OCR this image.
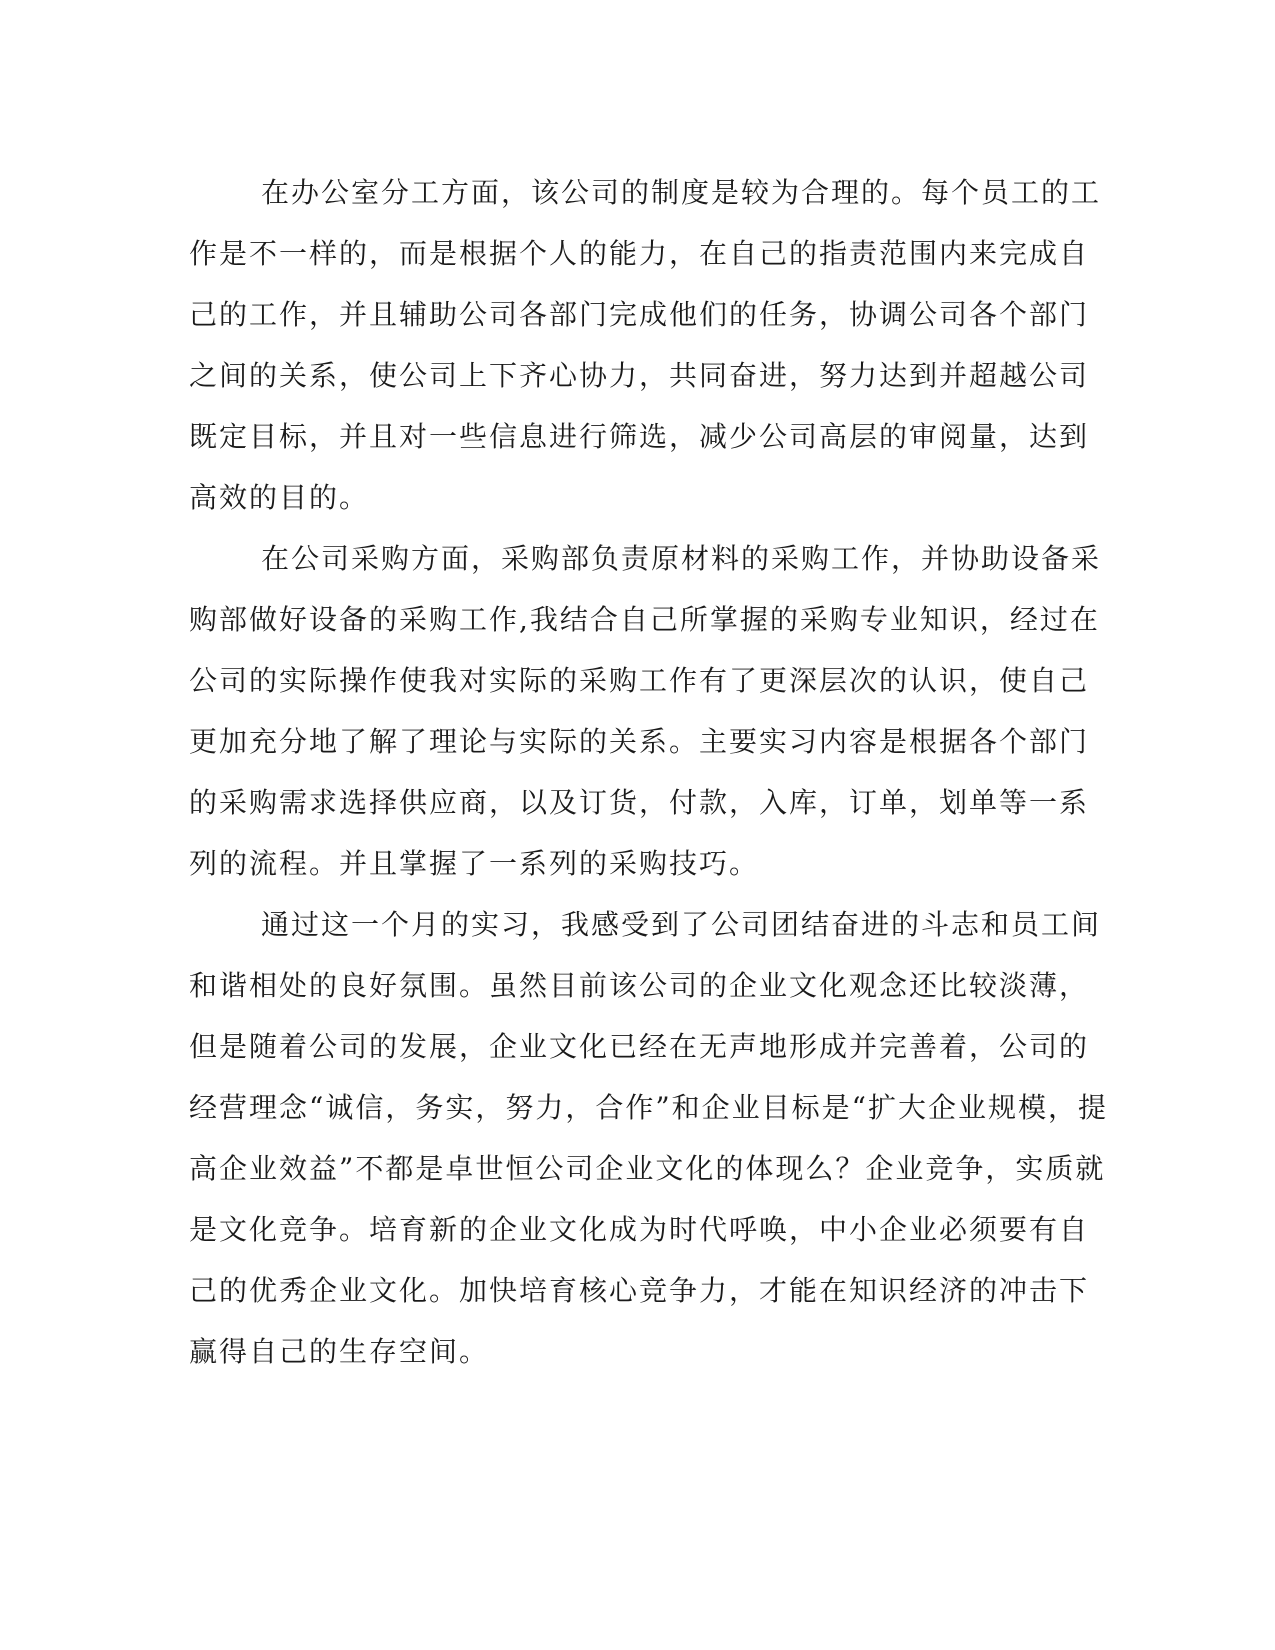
在办公室分工方面，该公司的制度是较为合理的。每个员工的工
作是不一样的，而是根据个人的能力，在自己的指责范围内来完成自
己的工作，并且辅助公司各部门完成他们的任务，协调公司各个部门
之间的关系，使公司上下齐心协力，共同奋进，努力达到并超越公司
既定目标，并且对一些信息进行筛选，减少公司高层的审阅量，达到
高效的目的。
在公司采购方面，采购部负责原材料的采购工作，并协助设备采
购部做好设备的采购工作,我结合自己所掌握的采购专业知识，经过在
公司的实际操作使我对实际的采购工作有了更深层次的认识，使自己
更加充分地了解了理论与实际的关系。主要实习内容是根据各个部门
的采购需求选择供应商，以及订货，付款，入库，订单，划单等一系
列的流程。并且掌握了一系列的采购技巧。
通过这一个月的实习，我感受到了公司团结奋进的斗志和员工间
和谐相处的良好氛围。虽然目前该公司的企业文化观念还比较淡薄，
但是随着公司的发展，企业文化已经在无声地形成并完善着，公司的
经营理念“诚信，务实，努力，合作”和企业目标是“扩大企业规模，提
高企业效益”不都是卓世恒公司企业文化的体现么？企业竞争，实质就
是文化竞争。培育新的企业文化成为时代呼唤，中小企业必须要有自
己的优秀企业文化。加快培育核心竞争力，才能在知识经济的冲击下
赢得自己的生存空间。
